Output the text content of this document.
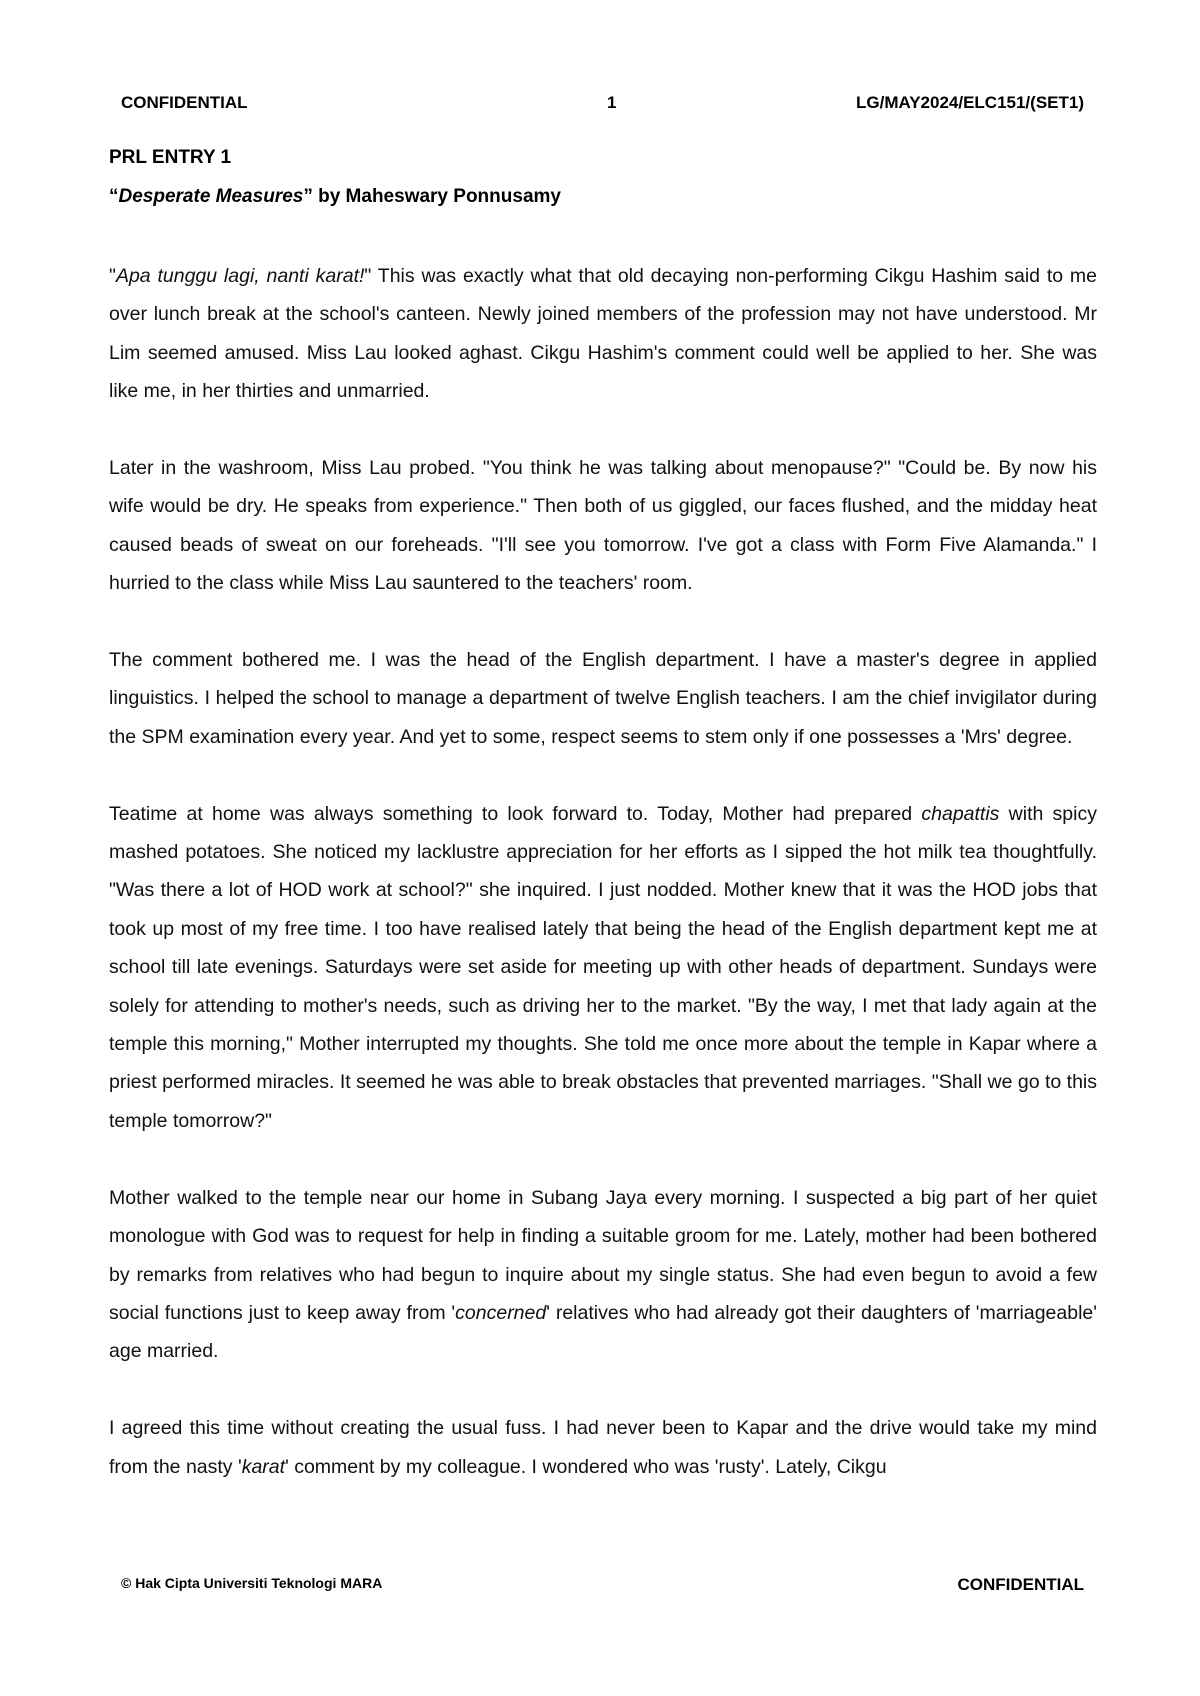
CONFIDENTIAL	1	LG/MAY2024/ELC151/(SET1)
PRL ENTRY 1
“Desperate Measures” by Maheswary Ponnusamy

"Apa tunggu lagi, nanti karat!" This was exactly what that old decaying non-performing Cikgu Hashim said to me over lunch break at the school's canteen. Newly joined members of the profession may not have understood. Mr Lim seemed amused. Miss Lau looked aghast. Cikgu Hashim's comment could well be applied to her. She was like me, in her thirties and unmarried.

Later in the washroom, Miss Lau probed. "You think he was talking about menopause?" "Could be. By now his wife would be dry. He speaks from experience." Then both of us giggled, our faces flushed, and the midday heat caused beads of sweat on our foreheads. "I'll see you tomorrow. I've got a class with Form Five Alamanda." I hurried to the class while Miss Lau sauntered to the teachers' room.

The comment bothered me. I was the head of the English department. I have a master's degree in applied linguistics. I helped the school to manage a department of twelve English teachers. I am the chief invigilator during the SPM examination every year. And yet to some, respect seems to stem only if one possesses a 'Mrs' degree.

Teatime at home was always something to look forward to. Today, Mother had prepared chapattis with spicy mashed potatoes. She noticed my lacklustre appreciation for her efforts as I sipped the hot milk tea thoughtfully. "Was there a lot of HOD work at school?" she inquired. I just nodded. Mother knew that it was the HOD jobs that took up most of my free time. I too have realised lately that being the head of the English department kept me at school till late evenings. Saturdays were set aside for meeting up with other heads of department. Sundays were solely for attending to mother's needs, such as driving her to the market. "By the way, I met that lady again at the temple this morning," Mother interrupted my thoughts. She told me once more about the temple in Kapar where a priest performed miracles. It seemed he was able to break obstacles that prevented marriages. "Shall we go to this temple tomorrow?"

Mother walked to the temple near our home in Subang Jaya every morning. I suspected a big part of her quiet monologue with God was to request for help in finding a suitable groom for me. Lately, mother had been bothered by remarks from relatives who had begun to inquire about my single status. She had even begun to avoid a few social functions just to keep away from 'concerned' relatives who had already got their daughters of 'marriageable' age married.

I agreed this time without creating the usual fuss. I had never been to Kapar and the drive would take my mind from the nasty 'karat' comment by my colleague. I wondered who was 'rusty'. Lately, Cikgu

© Hak Cipta Universiti Teknologi MARA	CONFIDENTIAL
